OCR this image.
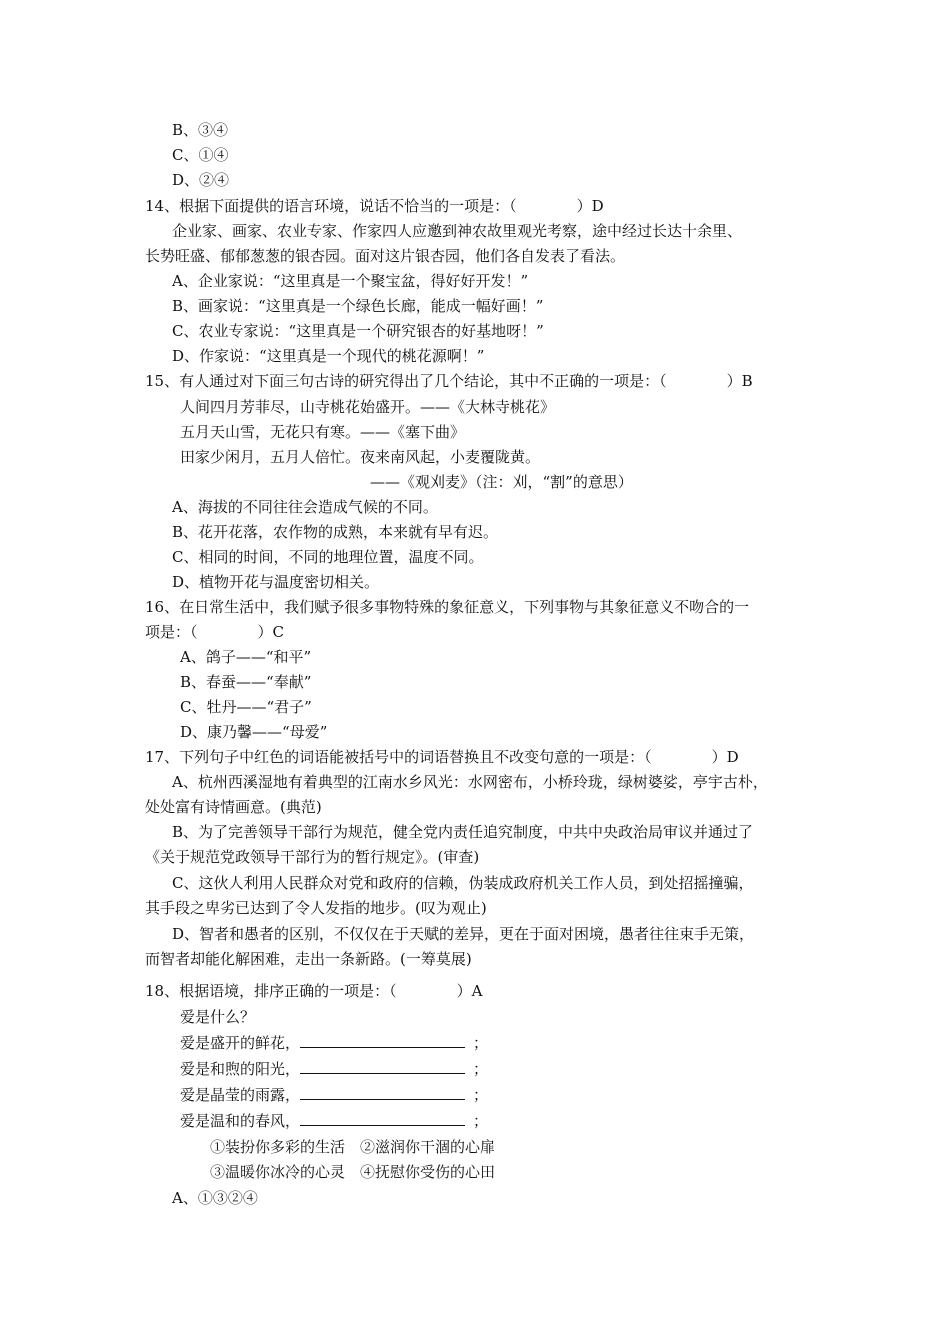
B、③④
C、①④
D、②④
14、根据下面提供的语言环境，说话不恰当的一项是：（　　　　）D
企业家、画家、农业专家、作家四人应邀到神农故里观光考察，途中经过长达十余里、
长势旺盛、郁郁葱葱的银杏园。面对这片银杏园，他们各自发表了看法。
A、企业家说：“这里真是一个聚宝盆，得好好开发！”
B、画家说：“这里真是一个绿色长廊，能成一幅好画！”
C、农业专家说：“这里真是一个研究银杏的好基地呀！”
D、作家说：“这里真是一个现代的桃花源啊！”
15、有人通过对下面三句古诗的研究得出了几个结论，其中不正确的一项是：（　　　　）B
人间四月芳菲尽，山寺桃花始盛开。——《大林寺桃花》
五月天山雪，无花只有寒。——《塞下曲》
田家少闲月，五月人倍忙。夜来南风起，小麦覆陇黄。
——《观刈麦》（注：刈，“割”的意思）
A、海拔的不同往往会造成气候的不同。
B、花开花落，农作物的成熟，本来就有早有迟。
C、相同的时间，不同的地理位置，温度不同。
D、植物开花与温度密切相关。
16、在日常生活中，我们赋予很多事物特殊的象征意义，下列事物与其象征意义不吻合的一
项是：（　　　　）C
A、鸽子——“和平”
B、春蚕——“奉献”
C、牡丹——“君子”
D、康乃馨——“母爱”
17、下列句子中红色的词语能被括号中的词语替换且不改变句意的一项是：（　　　　）D
A、杭州西溪湿地有着典型的江南水乡风光：水网密布，小桥玲珑，绿树婆娑，亭宇古朴，
处处富有诗情画意。(典范)
B、为了完善领导干部行为规范，健全党内责任追究制度，中共中央政治局审议并通过了
《关于规范党政领导干部行为的暂行规定》。(审查)
C、这伙人利用人民群众对党和政府的信赖，伪装成政府机关工作人员，到处招摇撞骗，
其手段之卑劣已达到了令人发指的地步。(叹为观止)
D、智者和愚者的区别，不仅仅在于天赋的差异，更在于面对困境，愚者往往束手无策，
而智者却能化解困难，走出一条新路。(一筹莫展)
18、根据语境，排序正确的一项是：（　　　　）A
爱是什么？
爱是盛开的鲜花，	；
爱是和煦的阳光，	；
爱是晶莹的雨露，	；
爱是温和的春风，	；
①装扮你多彩的生活　②滋润你干涸的心扉
③温暖你冰冷的心灵　④抚慰你受伤的心田
A、①③②④
